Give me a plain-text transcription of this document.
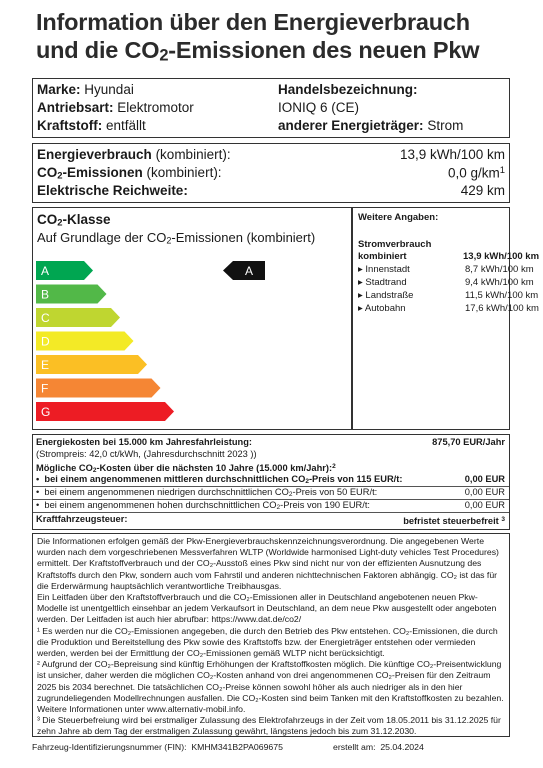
Information über den Energieverbrauch
und die CO2-Emissionen des neuen Pkw
Marke: Hyundai
Antriebsart: Elektromotor
Kraftstoff: entfällt
Handelsbezeichnung:
IONIQ 6 (CE)
anderer Energieträger: Strom
Energieverbrauch (kombiniert):	13,9 kWh/100 km
CO2-Emissionen (kombiniert):	0,0 $g/km^1$
Elektrische Reichweite:	429 km
CO2-Klasse
Auf Grundlage der CO2-Emissionen (kombiniert)
A
B
C
D
E
F
G
A
Weitere Angaben:
Stromverbrauch
kombiniert	13,9 kWh/100 km
▸ Innenstadt	8,7 kWh/100 km
▸ Stadtrand	9,4 kWh/100 km
▸ Landstraße	11,5 kWh/100 km
▸ Autobahn	17,6 kWh/100 km
Energiekosten bei 15.000 km Jahresfahrleistung:	875,70 EUR/Jahr
(Strompreis: 42,0 ct/kWh, (Jahresdurchschnitt 2023 ))
Mögliche CO2-Kosten über die nächsten 10 Jahre (15.000 km/Jahr):$^2$
•  bei einem angenommenen mittleren durchschnittlichen CO2-Preis von 115 EUR/t:	0,00 EUR
•  bei einem angenommenen niedrigen durchschnittlichen CO2-Preis von 50 EUR/t:	0,00 EUR
•  bei einem angenommenen hohen durchschnittlichen CO2-Preis von 190 EUR/t:	0,00 EUR
Kraftfahrzeugsteuer:	befristet steuerbefreit $^3$

Die Informationen erfolgen gemäß der Pkw-Energieverbrauchskennzeichnungsverordnung. Die angegebenen Werte wurden nach dem vorgeschriebenen Messverfahren WLTP (Worldwide harmonised Light-duty vehicles Test Procedures) ermittelt. Der Kraftstoffverbrauch und der CO₂-Ausstoß eines Pkw sind nicht nur von der effizienten Ausnutzung des Kraftstoffs durch den Pkw, sondern auch vom Fahrstil und anderen nichttechnischen Faktoren abhängig. CO₂ ist das für die Erderwärmung hauptsächlich verantwortliche Treibhausgas.

Ein Leitfaden über den Kraftstoffverbrauch und die CO₂-Emissionen aller in Deutschland angebotenen neuen Pkw-Modelle ist unentgeltlich einsehbar an jedem Verkaufsort in Deutschland, an dem neue Pkw ausgestellt oder angeboten werden. Der Leitfaden ist auch hier abrufbar: https://www.dat.de/co2/

¹ Es werden nur die CO₂-Emissionen angegeben, die durch den Betrieb des Pkw entstehen. CO₂-Emissionen, die durch die Produktion und Bereitstellung des Pkw sowie des Kraftstoffs bzw. der Energieträger entstehen oder vermieden werden, werden bei der Ermittlung der CO₂-Emissionen gemäß WLTP nicht berücksichtigt.

² Aufgrund der CO₂-Bepreisung sind künftig Erhöhungen der Kraftstoffkosten möglich. Die künftige CO₂-Preisentwicklung ist unsicher, daher werden die möglichen CO₂-Kosten anhand von drei angenommenen CO₂-Preisen für den Zeitraum 2025 bis 2034 berechnet. Die tatsächlichen CO₂-Preise können sowohl höher als auch niedriger als in den hier zugrundeliegenden Modellrechnungen ausfallen. Die CO₂-Kosten sind beim Tanken mit den Kraftstoffkosten zu bezahlen. Weitere Informationen unter www.alternativ-mobil.info.

³ Die Steuerbefreiung wird bei erstmaliger Zulassung des Elektrofahrzeugs in der Zeit vom 18.05.2011 bis 31.12.2025 für zehn Jahre ab dem Tag der erstmaligen Zulassung gewährt, längstens jedoch bis zum 31.12.2030.

Fahrzeug-Identifizierungsnummer (FIN): KMHM341B2PA069675	erstellt am: 25.04.2024
